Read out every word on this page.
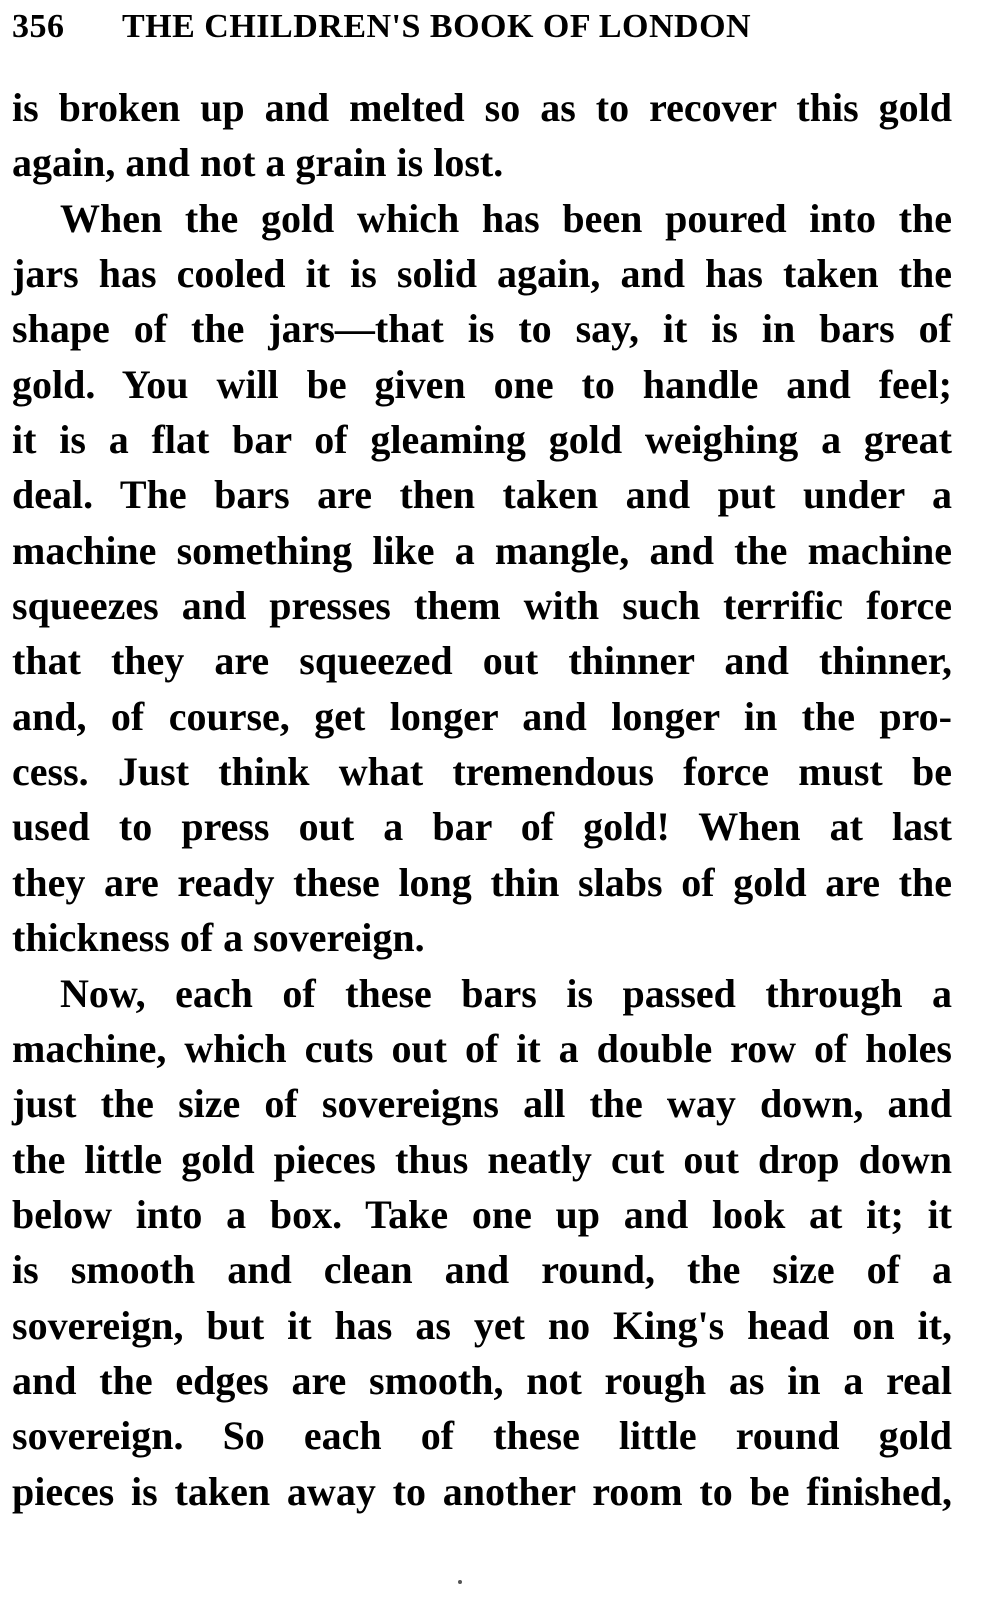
356 THE CHILDREN'S BOOK OF LONDON
is broken up and melted so as to recover this gold
again, and not a grain is lost.
When the gold which has been poured into the
jars has cooled it is solid again, and has taken the
shape of the jars—that is to say, it is in bars of
gold. You will be given one to handle and feel;
it is a flat bar of gleaming gold weighing a great
deal. The bars are then taken and put under a
machine something like a mangle, and the machine
squeezes and presses them with such terrific force
that they are squeezed out thinner and thinner,
and, of course, get longer and longer in the pro-
cess. Just think what tremendous force must be
used to press out a bar of gold! When at last
they are ready these long thin slabs of gold are the
thickness of a sovereign.
Now, each of these bars is passed through a
machine, which cuts out of it a double row of holes
just the size of sovereigns all the way down, and
the little gold pieces thus neatly cut out drop down
below into a box. Take one up and look at it; it
is smooth and clean and round, the size of a
sovereign, but it has as yet no King's head on it,
and the edges are smooth, not rough as in a real
sovereign. So each of these little round gold
pieces is taken away to another room to be finished,
